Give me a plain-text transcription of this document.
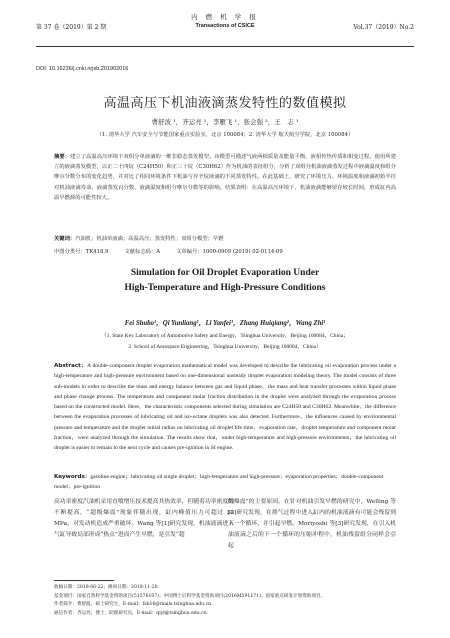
第 37 卷（2019）第 2 期
内 燃 机 学 报
Transactions of CSICE	Vol.37（2019）No.2
DOI: 10.16236/j.cnki.nrjxb.201902016
高温高压下机油液滴蒸发特性的数值模拟
曹舒波 ¹，齐运亮 ¹，李雁飞 ¹，张会强 ²，王　志 ¹
（1. 清华大学 汽车安全与节能国家重点实验室，北京 100084；2. 清华大学 航天航空学院，北京 100084）
摘要：建立了高温高压环境下双组分单液滴的一维非稳态蒸发模型。该模型可描述气液两相质量及能量平衡、液相传热传质和相变过程。使用所建立的液滴蒸发模型，以正二十四烷（C24H50）和正三十烷（C30H62）作为机油的表征组分，分析了双组分机油液滴蒸发过程中液滴温度和组分摩尔分数分布的变化趋势，并对比了相同环境条件下机油与异辛烷液滴的不同蒸发特性。在此基础上，研究了环境压力、环境温度和液滴初始半径对机油液滴寿命、液滴蒸发百分数、液滴温度和组分摩尔分数等的影响。结果表明：在高温高压环境下，机油液滴能够留存较长时间，形成缸内高温早燃源的可能性较大。
关键词：汽油机；机油单液滴；高温高压；蒸发特性；双组分模型；早燃
中图分类号：TK418.9	文献标志码：A	文章编号：1000-0909 (2019) 02-0114-09
Simulation for Oil Droplet Evaporation Under
High-Temperature and High-Pressure Conditions
Fei Shubo¹，Qi Yunliang¹，Li Yanfei¹，Zhang Huiqiang²，Wang Zhi¹
（1. State Key Laboratory of Automotive Safety and Energy，Tsinghua University，Beijing 100084，China；
2. School of Aerospace Engineering，Tsinghua University，Beijing 100084，China）
Abstract：A double-component droplet evaporation mathematical model was developed to describe the lubricating oil evaporation process under a high-temperature and high-pressure environment based on one-dimensional unsteady droplet evaporation modeling theory. The model consists of three sub-models in order to describe the mass and energy balance between gas and liquid phase，the mass and heat transfer processes within liquid phase and phase change process. The temperature and component molar fraction distribution in the droplet were analyzed through the evaporation process based on the constructed model. Here，the characteristic components selected during simulation are C24H50 and C30H62. Meanwhile，the difference between the evaporation processes of lubricating oil and iso-octane droplets was also detected. Furthermore，the influences caused by environmental pressure and temperature and the droplet initial radius on lubricating oil droplet life time，evaporation rate，droplet temperature and component molar fraction，were analyzed through the simulation. The results show that，under high-temperature and high-pressure environments，the lubricating oil droplet is easier to remain to the next cycle and causes pre-ignition in SI engine.
Keywords：gasoline engine；lubricating oil single droplet；high-temperature and high-pressure；evaporation properties；double-component model；pre-ignition
高功率密度汽油机采用直喷增压技术提高其热效率，但随着功率密度的不断提高，“超级爆震”现象伴随出现，缸内峰值压力可超过 30 MPa，对发动机造成严重破坏。Wang 等[1]研究发现，机油液滴进入气缸导致局部形成“热点”进而产生早燃，是引发“超
级爆震”的主要原因。在针对机油引发早燃的研究中，Welling 等[2]研究发现，在排气过程中进入缸内的机油液滴有可能会残留到下一个循环，并引起早燃。Moriyoshi 等[3]研究发现，在引入机油液滴之后的下一个循环的压缩冲程中，机油残留组分同样会引起
收稿日期：2018-06-22；修回日期：2018-11-20.
基金项目：国家自然科学基金资助项目(51576107)；中国博士后科学基金资助项目(2016M591171)；国家重点研发计划资助项目。
作者简介：费舒波，硕士研究生，E-mail：fsb16@mails.tsinghua.edu.cn.
通信作者：齐运亮，博士，助理研究员，E-mail：qiyl@tsinghua.edu.cn.
